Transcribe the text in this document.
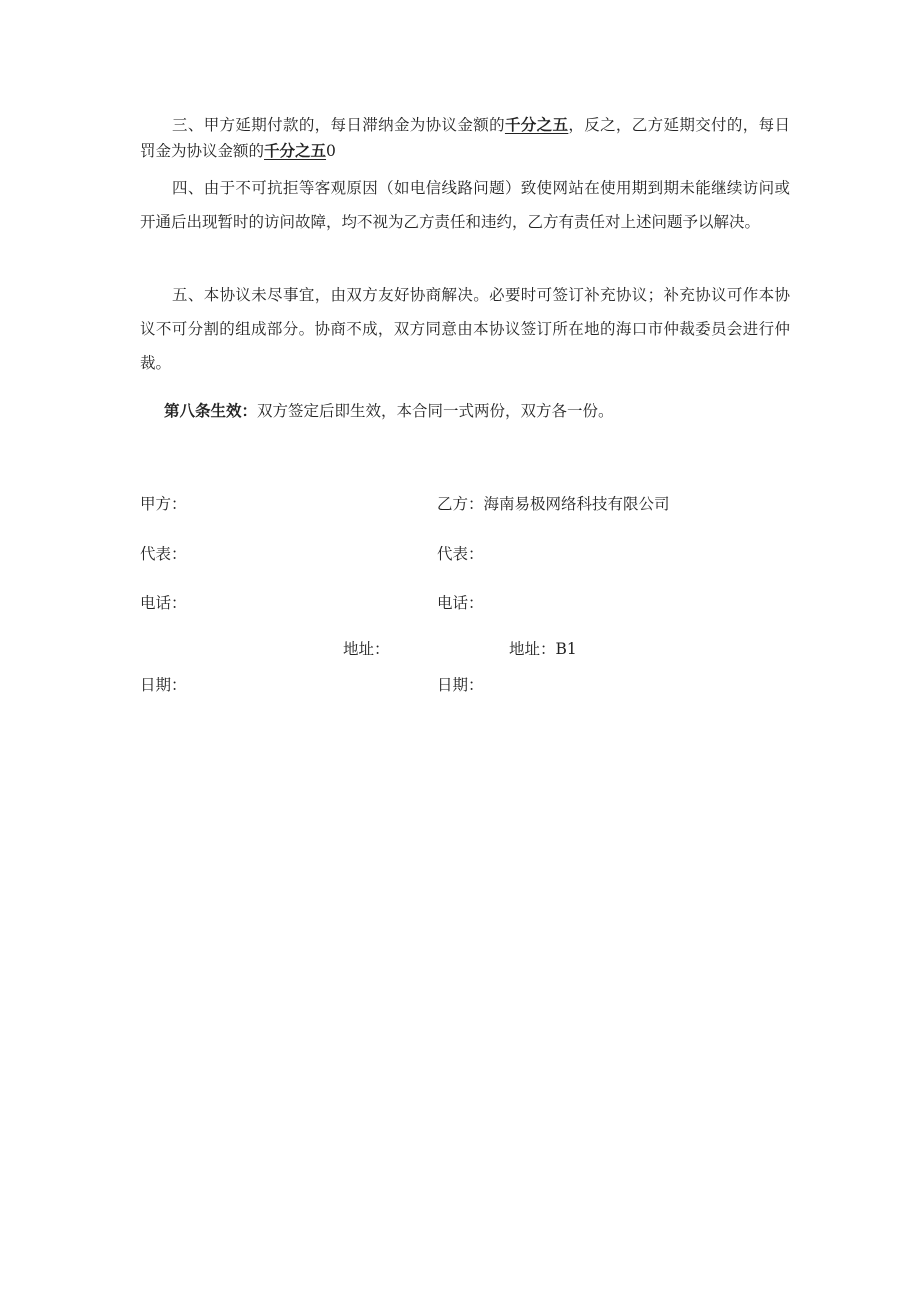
三、甲方延期付款的，每日滞纳金为协议金额的千分之五，反之，乙方延期交付的，每日罚金为协议金额的千分之五0

四、由于不可抗拒等客观原因（如电信线路问题）致使网站在使用期到期未能继续访问或开通后出现暂时的访问故障，均不视为乙方责任和违约，乙方有责任对上述问题予以解决。

五、本协议未尽事宜，由双方友好协商解决。必要时可签订补充协议；补充协议可作本协议不可分割的组成部分。协商不成，双方同意由本协议签订所在地的海口市仲裁委员会进行仲裁。

第八条生效：双方签定后即生效，本合同一式两份，双方各一份。
甲方：	乙方：海南易极网络科技有限公司
代表：	代表：
电话：	电话：
地址：	地址：B1
日期：	日期：
